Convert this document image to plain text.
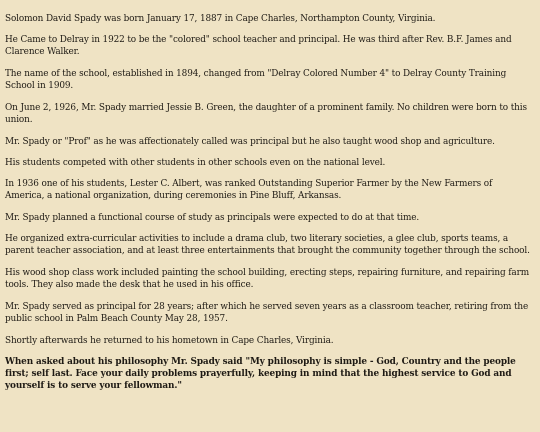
Solomon David Spady was born January 17, 1887 in Cape Charles, Northampton County, Virginia.

He Came to Delray in 1922 to be the "colored" school teacher and principal. He was third after Rev. B.F. James and Clarence Walker.

The name of the school, established in 1894, changed from "Delray Colored Number 4" to Delray County Training School in 1909.

On June 2, 1926, Mr. Spady married Jessie B. Green, the daughter of a prominent family. No children were born to this union.

Mr. Spady or "Prof" as he was affectionately called was principal but he also taught wood shop and agriculture.

His students competed with other students in other schools even on the national level.

In 1936 one of his students, Lester C. Albert, was ranked Outstanding Superior Farmer by the New Farmers of America, a national organization, during ceremonies in Pine Bluff, Arkansas.

Mr. Spady planned a functional course of study as principals were expected to do at that time.

He organized extra-curricular activities to include a drama club, two literary societies, a glee club, sports teams, a parent teacher association, and at least three entertainments that brought the community together through the school.

His wood shop class work included painting the school building, erecting steps, repairing furniture, and repairing farm tools. They also made the desk that he used in his office.

Mr. Spady served as principal for 28 years; after which he served seven years as a classroom teacher, retiring from the public school in Palm Beach County May 28, 1957.

Shortly afterwards he returned to his hometown in Cape Charles, Virginia.

When asked about his philosophy Mr. Spady said "My philosophy is simple - God, Country and the people first; self last. Face your daily problems prayerfully, keeping in mind that the highest service to God and yourself is to serve your fellowman."
